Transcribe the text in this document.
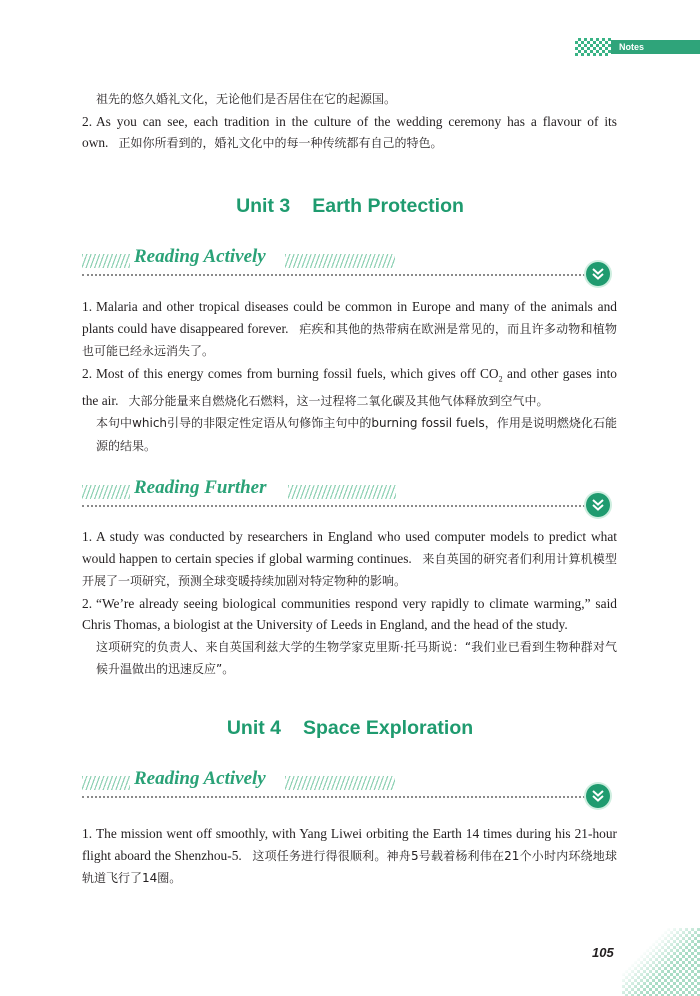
Notes
祖先的悠久婚礼文化，无论他们是否居住在它的起源国。
2. As you can see, each tradition in the culture of the wedding ceremony has a flavour of its own. 正如你所看到的，婚礼文化中的每一种传统都有自己的特色。
Unit 3 Earth Protection
Reading Actively
1. Malaria and other tropical diseases could be common in Europe and many of the animals and plants could have disappeared forever. 疟疾和其他的热带病在欧洲是常见的，而且许多动物和植物也可能已经永远消失了。
2. Most of this energy comes from burning fossil fuels, which gives off $CO_2$ and other gases into the air. 大部分能量来自燃烧化石燃料，这一过程将二氧化碳及其他气体释放到空气中。
本句中which引导的非限定性定语从句修饰主句中的burning fossil fuels，作用是说明燃烧化石能源的结果。
Reading Further
1. A study was conducted by researchers in England who used computer models to predict what would happen to certain species if global warming continues. 来自英国的研究者们利用计算机模型开展了一项研究，预测全球变暖持续加剧对特定物种的影响。
2. “We’re already seeing biological communities respond very rapidly to climate warming,” said Chris Thomas, a biologist at the University of Leeds in England, and the head of the study.
这项研究的负责人、来自英国利兹大学的生物学家克里斯·托马斯说：“我们业已看到生物种群对气候升温做出的迅速反应”。
Unit 4 Space Exploration
Reading Actively
1. The mission went off smoothly, with Yang Liwei orbiting the Earth 14 times during his 21-hour flight aboard the Shenzhou-5. 这项任务进行得很顺利。神舟5号载着杨利伟在21个小时内环绕地球轨道飞行了14圈。
105
